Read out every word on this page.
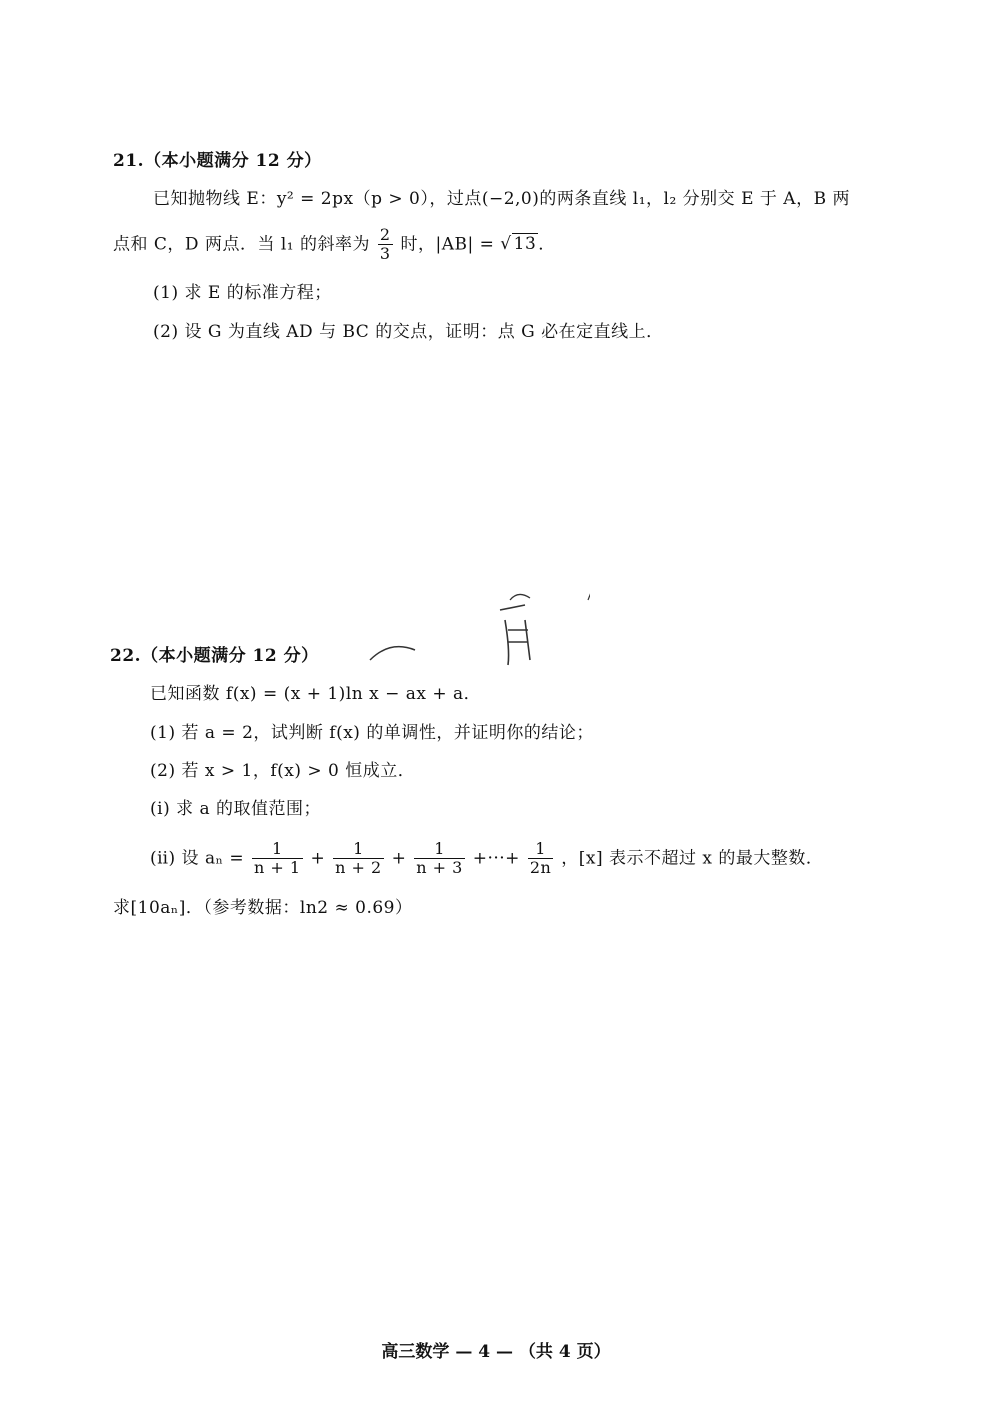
21.（本小题满分 12 分）
已知抛物线 E：y² = 2px（p > 0），过点(−2,0)的两条直线 l₁，l₂ 分别交 E 于 A，B 两
点和 C，D 两点．当 l₁ 的斜率为 $\frac{2}{3}$ 时，|AB| = √ 13 ．
(1) 求 E 的标准方程；
(2) 设 G 为直线 AD 与 BC 的交点，证明：点 G 必在定直线上．
22.（本小题满分 12 分）
已知函数 f(x) = (x + 1)ln x − ax + a．
(1) 若 a = 2，试判断 f(x) 的单调性，并证明你的结论；
(2) 若 x > 1，f(x) > 0 恒成立．
(ⅰ) 求 a 的取值范围；
(ⅱ) 设 $a_n = \frac{1}{n + 1} + \frac{1}{n + 2} + \frac{1}{n + 3}$ +···+ $\frac{1}{2n}$ ，[x] 表示不超过 x 的最大整数．
求[10aₙ]．（参考数据：ln2 ≈ 0.69）
高三数学 — 4 — （共 4 页）
